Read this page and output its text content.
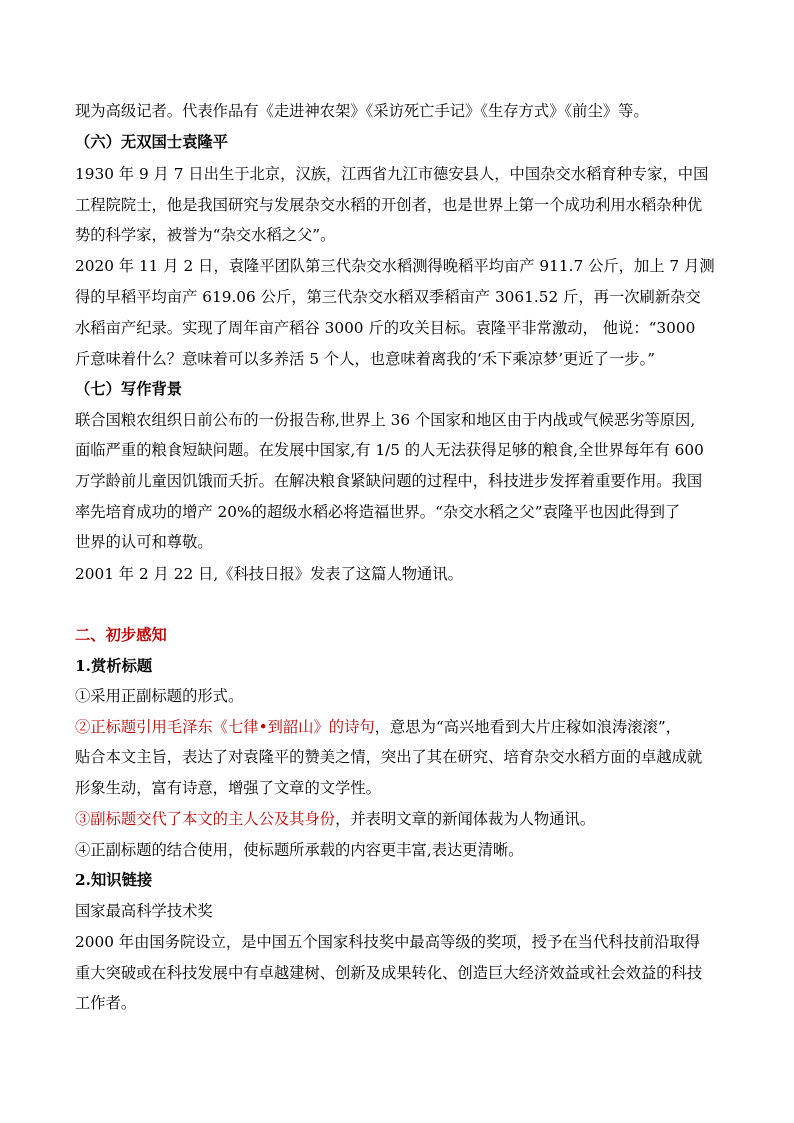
现为高级记者。代表作品有《走进神农架》《采访死亡手记》《生存方式》《前尘》等。
（六）无双国士袁隆平
1930 年 9 月 7 日出生于北京，汉族，江西省九江市德安县人，中国杂交水稻育种专家，中国
工程院院士，他是我国研究与发展杂交水稻的开创者，也是世界上第一个成功利用水稻杂种优
势的科学家，被誉为“杂交水稻之父”。
2020 年 11 月 2 日，袁隆平团队第三代杂交水稻测得晚稻平均亩产 911.7 公斤，加上 7 月测
得的早稻平均亩产 619.06 公斤，第三代杂交水稻双季稻亩产 3061.52 斤，再一次刷新杂交
水稻亩产纪录。实现了周年亩产稻谷 3000 斤的攻关目标。袁隆平非常激动， 他说：“3000
斤意味着什么？意味着可以多养活 5 个人，也意味着离我的‘禾下乘凉梦’更近了一步。”
（七）写作背景
联合国粮农组织日前公布的一份报告称,世界上 36 个国家和地区由于内战或气候恶劣等原因,
面临严重的粮食短缺问题。在发展中国家,有 1/5 的人无法获得足够的粮食,全世界每年有 600
万学龄前儿童因饥饿而夭折。在解决粮食紧缺问题的过程中，科技进步发挥着重要作用。我国
率先培育成功的增产 20%的超级水稻必将造福世界。“杂交水稻之父”袁隆平也因此得到了
世界的认可和尊敬。
2001 年 2 月 22 日,《科技日报》发表了这篇人物通讯。
二、初步感知
1.赏析标题
①采用正副标题的形式。
②正标题引用毛泽东《七律•到韶山》的诗句，意思为“高兴地看到大片庄稼如浪涛滚滚”，
贴合本文主旨，表达了对袁隆平的赞美之情，突出了其在研究、培育杂交水稻方面的卓越成就
形象生动，富有诗意，增强了文章的文学性。
③副标题交代了本文的主人公及其身份，并表明文章的新闻体裁为人物通讯。
④正副标题的结合使用，使标题所承载的内容更丰富,表达更清晰。
2.知识链接
国家最高科学技术奖
2000 年由国务院设立，是中国五个国家科技奖中最高等级的奖项，授予在当代科技前沿取得
重大突破或在科技发展中有卓越建树、创新及成果转化、创造巨大经济效益或社会效益的科技
工作者。
